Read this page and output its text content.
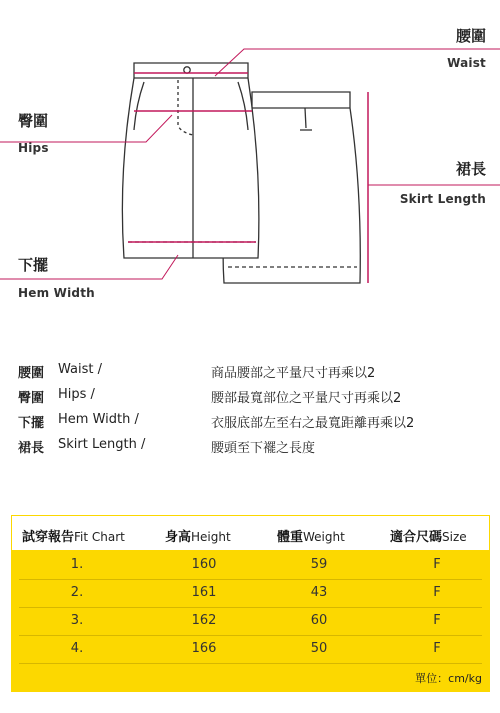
腰圍
Waist
臀圍
Hips
裙長
Skirt Length
下擺
Hem Width
腰圍 Waist /	商品腰部之平量尺寸再乘以2
臀圍 Hips /	腰部最寬部位之平量尺寸再乘以2
下擺 Hem Width /	衣服底部左至右之最寬距離再乘以2
裙長 Skirt Length /	腰頭至下襬之長度
試穿報告Fit Chart	身高Height	體重Weight	適合尺碼Size
1.	160	59	F
2.	161	43	F
3.	162	60	F
4.	166	50	F
單位：cm/kg
